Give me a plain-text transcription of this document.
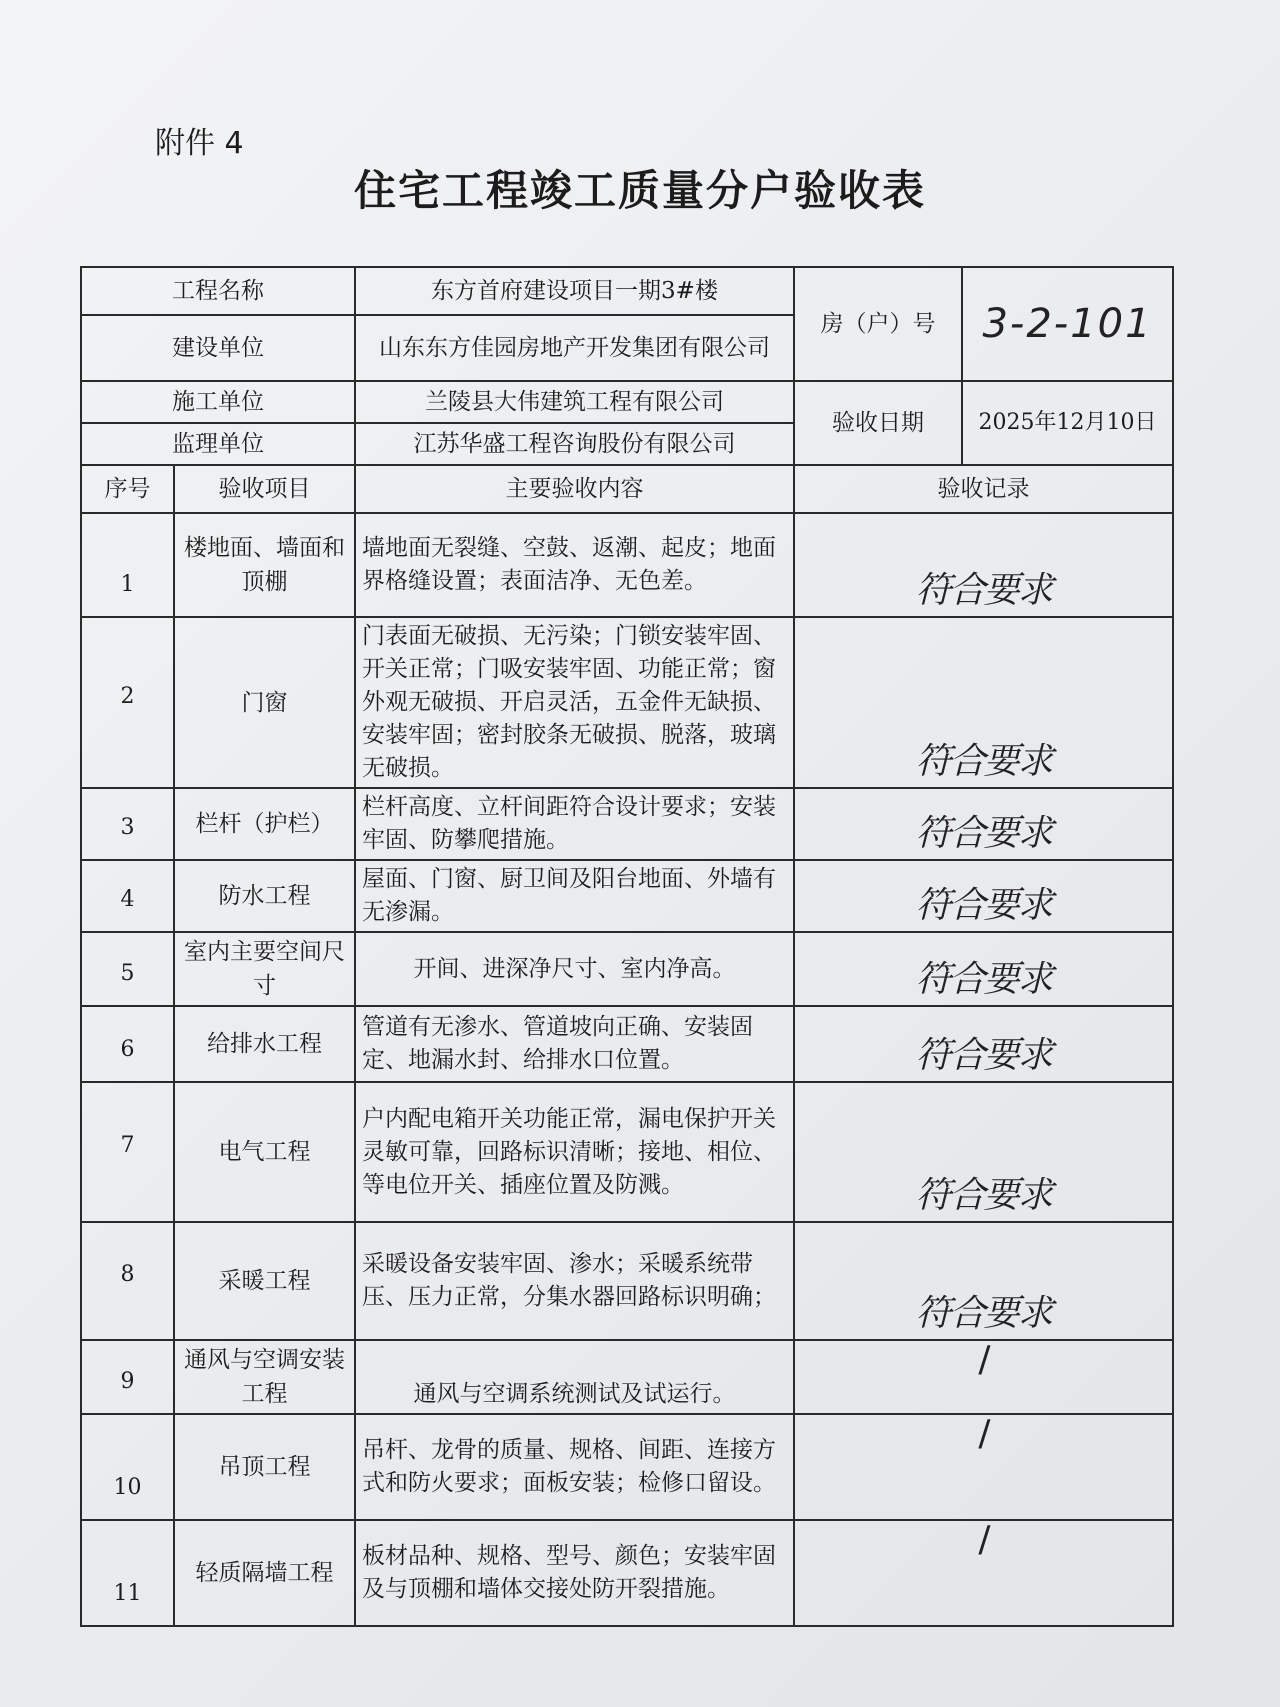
附件 4
住宅工程竣工质量分户验收表
工程名称		东方首府建设项目一期3#楼	房（户）号	3-2-101
建设单位		山东东方佳园房地产开发集团有限公司		
施工单位		兰陵县大伟建筑工程有限公司	验收日期	2025年12月10日
监理单位		江苏华盛工程咨询股份有限公司		
序号	验收项目	主要验收内容	验收记录	
1	楼地面、墙面和顶棚	墙地面无裂缝、空鼓、返潮、起皮；地面界格缝设置；表面洁净、无色差。	符合要求	
2	门窗	门表面无破损、无污染；门锁安装牢固、开关正常；门吸安装牢固、功能正常；窗外观无破损、开启灵活，五金件无缺损、 安装牢固；密封胶条无破损、脱落，玻璃无破损。	符合要求	
3	栏杆（护栏）	栏杆高度、立杆间距符合设计要求；安装牢固、防攀爬措施。	符合要求	
4	防水工程	屋面、门窗、厨卫间及阳台地面、外墙有无渗漏。	符合要求	
5	室内主要空间尺寸	开间、进深净尺寸、室内净高。	符合要求	
6	给排水工程	管道有无渗水、管道坡向正确、安装固定、地漏水封、给排水口位置。	符合要求	
7	电气工程	户内配电箱开关功能正常，漏电保护开关灵敏可靠，回路标识清晰；接地、相位、等电位开关、插座位置及防溅。	符合要求	
8	采暖工程	采暖设备安装牢固、渗水；采暖系统带压、压力正常，分集水器回路标识明确；	符合要求	
9	通风与空调安装工程	通风与空调系统测试及试运行。	/	
10	吊顶工程	吊杆、龙骨的质量、规格、间距、连接方式和防火要求；面板安装；检修口留设。	/	
11	轻质隔墙工程	板材品种、规格、型号、颜色；安装牢固及与顶棚和墙体交接处防开裂措施。	/	
